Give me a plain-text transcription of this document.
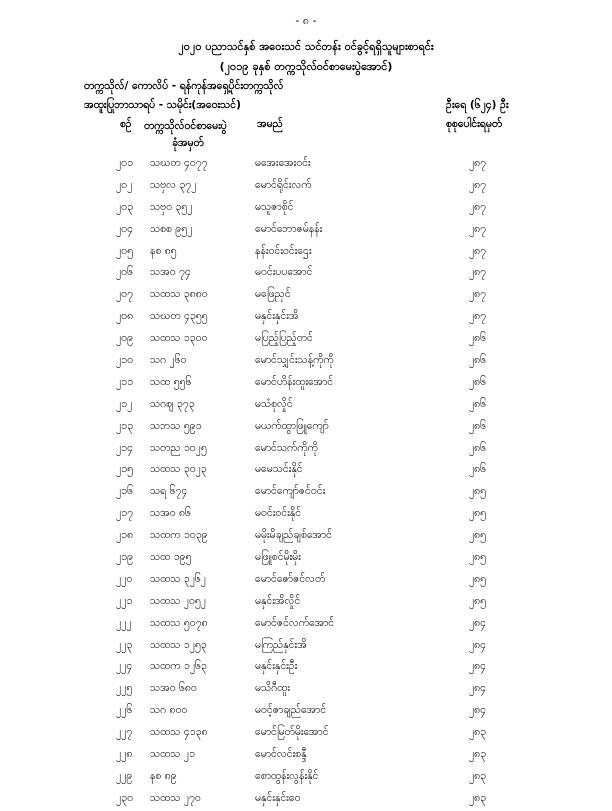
- ၈ -
၂၀၂၀ ပညာသင်နှစ် အဝေးသင် သင်တန်း ဝင်ခွင့်ရရှိသူများစာရင်း
(၂၀၁၉ ခုနှစ် တက္ကသိုလ်ဝင်စာမေးပွဲအောင်)
တက္ကသိုလ်/ ကောလိပ် - ရန်ကုန်အရှေ့ပိုင်းတက္ကသိုလ်
အထူးပြုဘာသာရပ် - သမိုင်း(အဝေးသင်)	ဦးရေ (၆၂၄) ဦး
စဉ် တက္ကသိုလ်ဝင်စာမေးပွဲ
ခုံအမှတ်
အမည်	စုစုပေါင်းရမှတ်
၂၀၁ သဃတ ၄၀၇၇	မအေးအေးဝင်း	၂၈၇
၂၀၂ သဗှလ ၃၇၂	မောင်ရိုင်းလက်	၂၈၇
၂၀၃ သဗှဝ ၃၅၂	မသူဇာစိုင်	၂၈၇
၂၀၄ သစစ ၉၅၂	မောင်ဘောဇမ်နန်း	၂၈၇
၂၀၅ နစ ၈၅	နန်းဝင်းဝင်းဌေး	၂၈၇
၂၀၆ သအဝ ၇၄	မဝင်းပပအောင်	၂၈၇
၂၀၇ သထသ ၃၈၈၀	မဖြေညှင်	၂၈၇
၂၀၈ သဃတ ၄၃၅၅	မနှင်းနှင်းအိ	၂၈၇
၂၀၉ သထသ ၁၃၀၀	မပြည့်ပြည့်တင်	၂၈၆
၂၁၀ သဂ ၂၆၀	မောင်သျှင်းသန့်ကိုကို	၂၈၆
၂၁၁ သထ ၅၅၆	မောင်ဟိန်းထူးအောင်	၂၈၆
၂၁၂ သဂဈ ၃၇၃	မသံစုလှိုင်	၂၈၆
၂၁၃ သဘသ ၅၉၁	မယက်ထွာဖြူကျော်	၂၈၆
၂၁၄ သတည ၁၀၂၅	မောင်သက်ကိုကို	၂၈၆
၂၁၅ သထသ ၃၀၂၃	မမေသင်းနိုင်	၂၈၆
၂၁၆ သရ ၆၇၄	မောင်ကျော်ဇင်ဝင်း	၂၈၅
၂၁၇ သအဝ ၈၆	မဝင်းဝင်းနိုင်	၂၈၅
၂၁၈ သထက ၁၀၃၉	မမိုးမိချည်ချစ်အောင်	၂၈၅
၂၁၉ သထ ၁၉၅	မဖြူစင်မိုးမိုး	၂၈၅
၂၂၀ သထသ ၃၂၆၂	မောင်ဇော်ဇင်လတ်	၂၈၅
၂၂၁ သထသ ၂၀၅၂	မနှင်းအိလှိုင်	၂၈၅
၂၂၂ သထသ ၅၀၇၈	မောင်ဇင်လက်အောင်	၂၈၄
၂၂၃ သထသ ၁၂၅၃	မကြည်နှင်းအိ	၂၈၄
၂၂၄ သထက ၁၂၆၃	မနှင်းနှင်းဦး	၂၈၄
၂၂၅ သအဝ ၆၈၀	မသိဂီထူး	၂၈၄
၂၂၆ သဂ ၈၀၀	မဝင့်ဇာချည်အောင်	၂၈၄
၂၂၇ သထသ ၄၁၃၈	မောင်မြတ်မိုးအောင်	၂၈၃
၂၂၈ သထသ ၂၁	မောင်လင်းစန္ဒီ	၂၈၃
၂၂၉ နစ ၈၉	စောထွန်းလွန်းနိုင်	၂၈၃
၂၃၀ သထသ ၂၇၀	မနှင်းနှင်းဝေ	၂၈၃
